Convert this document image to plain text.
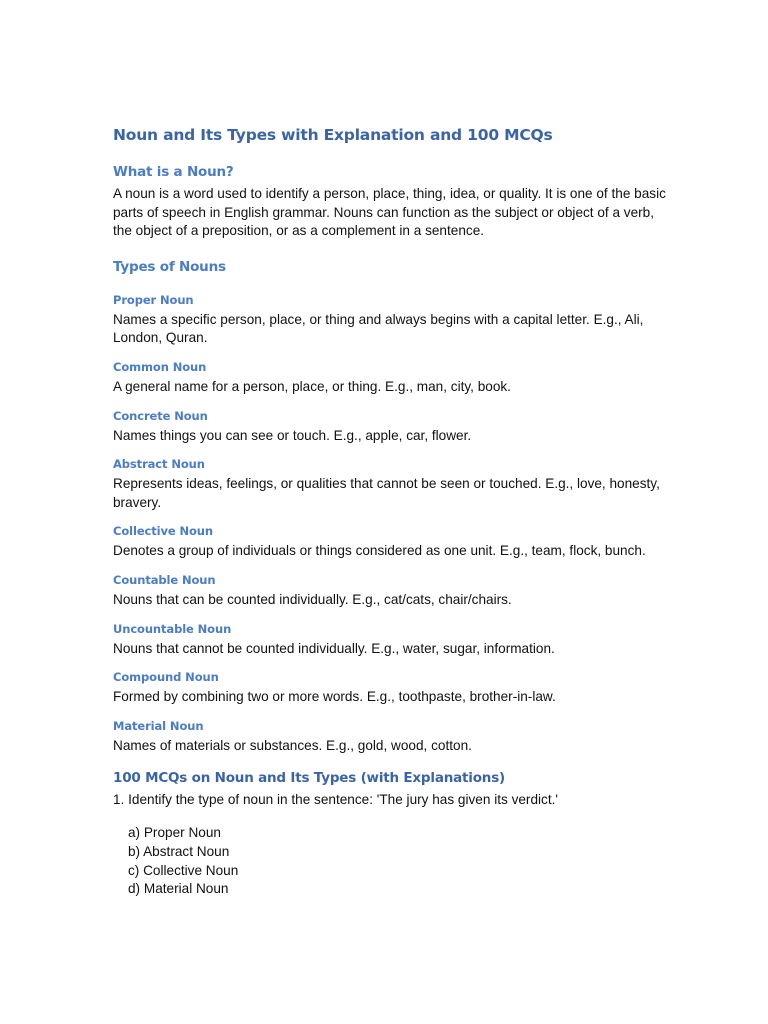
Noun and Its Types with Explanation and 100 MCQs
What is a Noun?

A noun is a word used to identify a person, place, thing, idea, or quality. It is one of the basic parts of speech in English grammar. Nouns can function as the subject or object of a verb, the object of a preposition, or as a complement in a sentence.

Types of Nouns
Proper Noun

Names a specific person, place, or thing and always begins with a capital letter. E.g., Ali, London, Quran.

Common Noun

A general name for a person, place, or thing. E.g., man, city, book.

Concrete Noun

Names things you can see or touch. E.g., apple, car, flower.

Abstract Noun

Represents ideas, feelings, or qualities that cannot be seen or touched. E.g., love, honesty, bravery.

Collective Noun

Denotes a group of individuals or things considered as one unit. E.g., team, flock, bunch.

Countable Noun

Nouns that can be counted individually. E.g., cat/cats, chair/chairs.

Uncountable Noun

Nouns that cannot be counted individually. E.g., water, sugar, information.

Compound Noun

Formed by combining two or more words. E.g., toothpaste, brother-in-law.

Material Noun

Names of materials or substances. E.g., gold, wood, cotton.

100 MCQs on Noun and Its Types (with Explanations)

1. Identify the type of noun in the sentence: 'The jury has given its verdict.'

a) Proper Noun
b) Abstract Noun
c) Collective Noun
d) Material Noun
